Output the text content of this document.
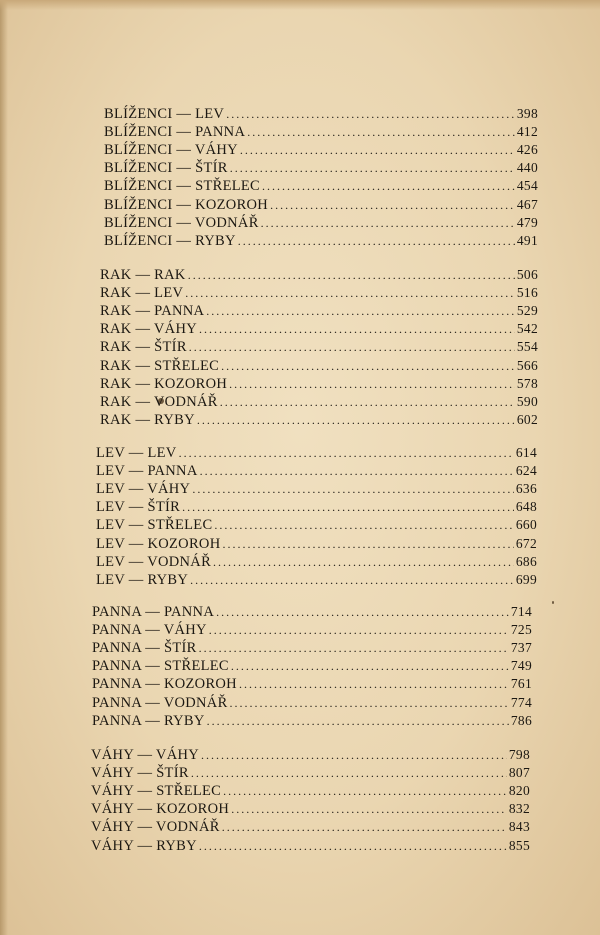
BLÍŽENCI — LEV .....	398
BLÍŽENCI — PANNA .....	412
BLÍŽENCI — VÁHY .....	426
BLÍŽENCI — ŠTÍR .....	440
BLÍŽENCI — STŘELEC .....	454
BLÍŽENCI — KOZOROH .....	467
BLÍŽENCI — VODNÁŘ .....	479
BLÍŽENCI — RYBY .....	491
RAK — RAK .....	506
RAK — LEV .....	516
RAK — PANNA .....	529
RAK — VÁHY .....	542
RAK — ŠTÍR .....	554
RAK — STŘELEC .....	566
RAK — KOZOROH .....	578
RAK — VODNÁŘ .....	590
RAK — RYBY .....	602
LEV — LEV .....	614
LEV — PANNA .....	624
LEV — VÁHY .....	636
LEV — ŠTÍR .....	648
LEV — STŘELEC .....	660
LEV — KOZOROH .....	672
LEV — VODNÁŘ .....	686
LEV — RYBY .....	699
PANNA — PANNA .....	714
PANNA — VÁHY .....	725
PANNA — ŠTÍR .....	737
PANNA — STŘELEC .....	749
PANNA — KOZOROH .....	761
PANNA — VODNÁŘ .....	774
PANNA — RYBY .....	786
VÁHY — VÁHY .....	798
VÁHY — ŠTÍR .....	807
VÁHY — STŘELEC .....	820
VÁHY — KOZOROH .....	832
VÁHY — VODNÁŘ .....	843
VÁHY — RYBY .....	855
